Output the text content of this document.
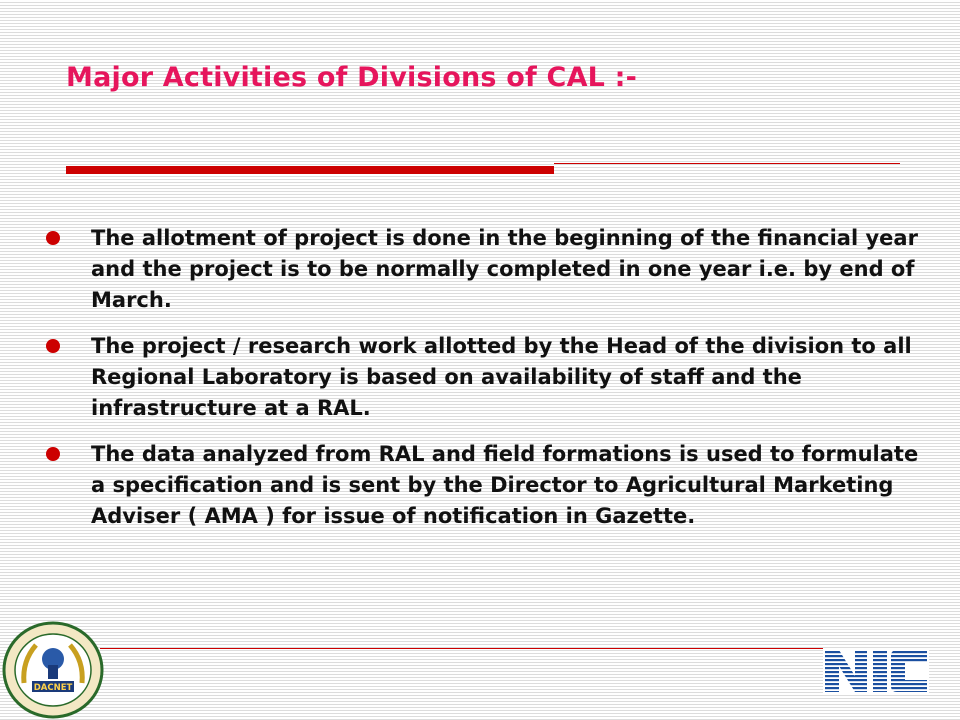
Major Activities of Divisions of CAL :-
The allotment of project is done in the beginning of the financial year and the project is to be normally completed in one year i.e. by end of March.
The project / research work allotted by the Head of the division to all Regional Laboratory is based on availability of staff and the infrastructure at a RAL.
The data analyzed from RAL and field formations is used to formulate a specification and is sent by the Director to Agricultural Marketing Adviser ( AMA ) for issue of notification in Gazette.
DACNET
NIC
